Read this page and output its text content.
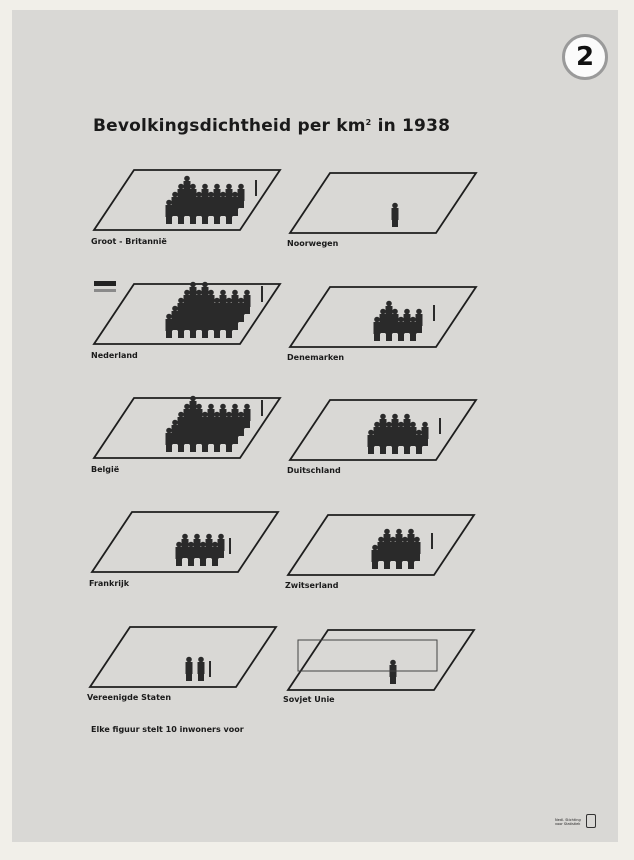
2
Bevolkingsdichtheid per $km^2$ in 1938
Groot - Britannië	Noorwegen
Nederland	Denemarken
België	Duitschland
Frankrijk	Zwitserland
Vereenigde Staten	Sovjet Unie
Elke figuur stelt 10 inwoners voor
Nedl. Stichting voor Statistiek
